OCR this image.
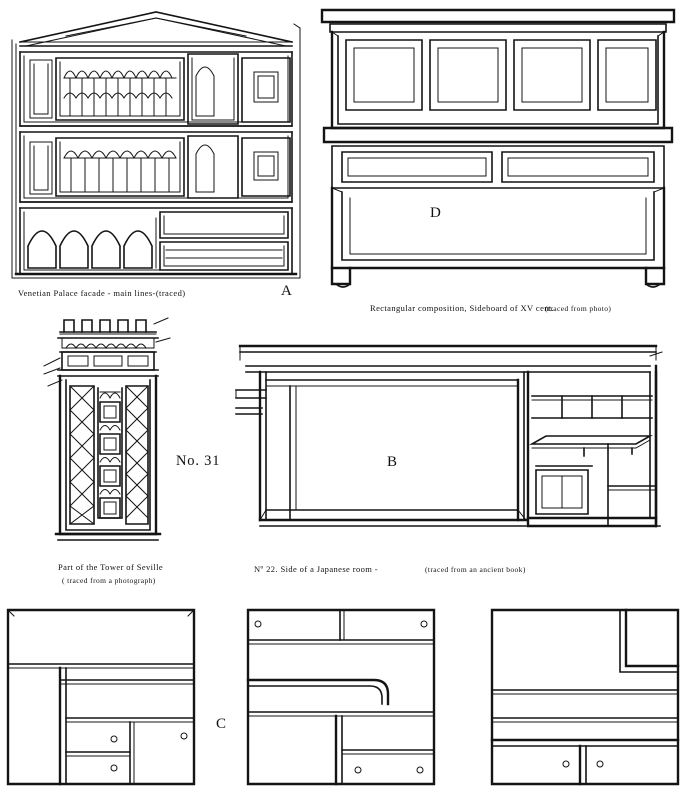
Venetian Palace facade - main lines-(traced)	A
D
Rectangular composition, Sideboard of XV cent.
(traced from photo)
Part of the Tower of Seville
( traced from a photograph)
No. 31	B
Nº 22. Side of a Japanese room -	(traced from an ancient book)
C
